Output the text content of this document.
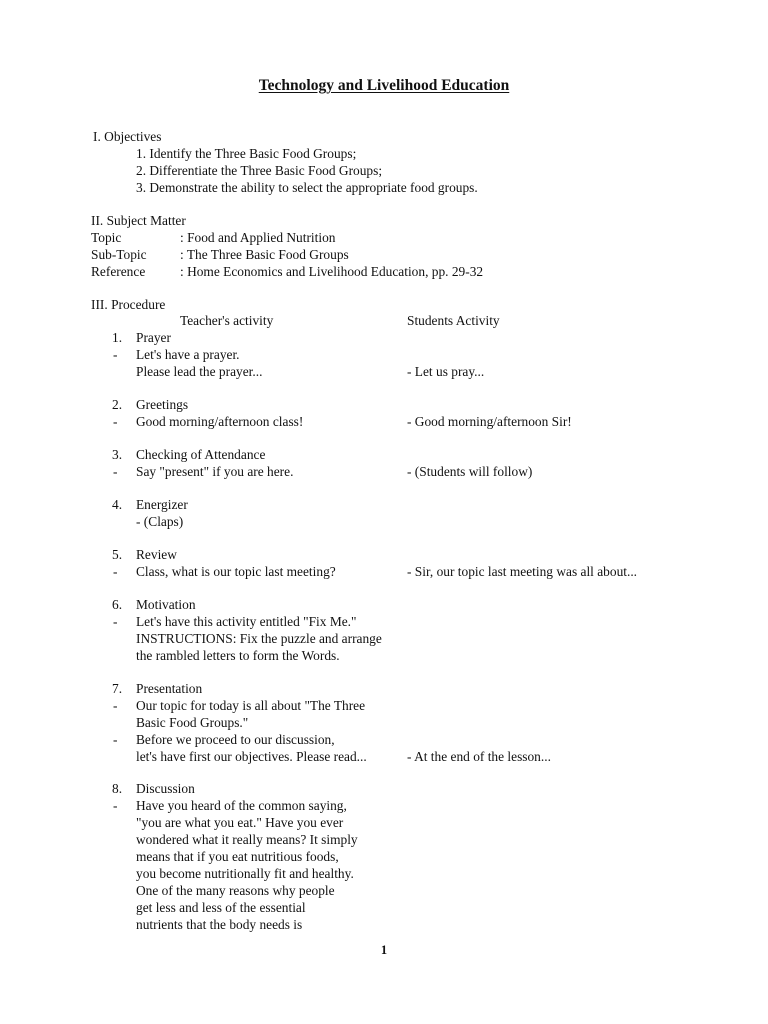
Technology and Livelihood Education
I. Objectives
1. Identify the Three Basic Food Groups;
2. Differentiate the Three Basic Food Groups;
3. Demonstrate the ability to select the appropriate food groups.
II. Subject Matter
Topic	: Food and Applied Nutrition
Sub-Topic : The Three Basic Food Groups
Reference	: Home Economics and Livelihood Education, pp. 29-32
III. Procedure
Teacher's activity	Students Activity
1. Prayer
- Let's have a prayer.
Please lead the prayer...	- Let us pray...
2. Greetings
- Good morning/afternoon class!	- Good morning/afternoon Sir!
3. Checking of Attendance
- Say "present" if you are here.	- (Students will follow)
4. Energizer
- (Claps)
5. Review
- Class, what is our topic last meeting?	- Sir, our topic last meeting was all about...
6. Motivation
- Let's have this activity entitled "Fix Me."
INSTRUCTIONS: Fix the puzzle and arrange
the rambled letters to form the Words.
7. Presentation
- Our topic for today is all about "The Three
Basic Food Groups."
- Before we proceed to our discussion,
let's have first our objectives. Please read...	- At the end of the lesson...
8. Discussion
- Have you heard of the common saying,
"you are what you eat." Have you ever
wondered what it really means? It simply
means that if you eat nutritious foods,
you become nutritionally fit and healthy.
One of the many reasons why people
get less and less of the essential
nutrients that the body needs is
1
